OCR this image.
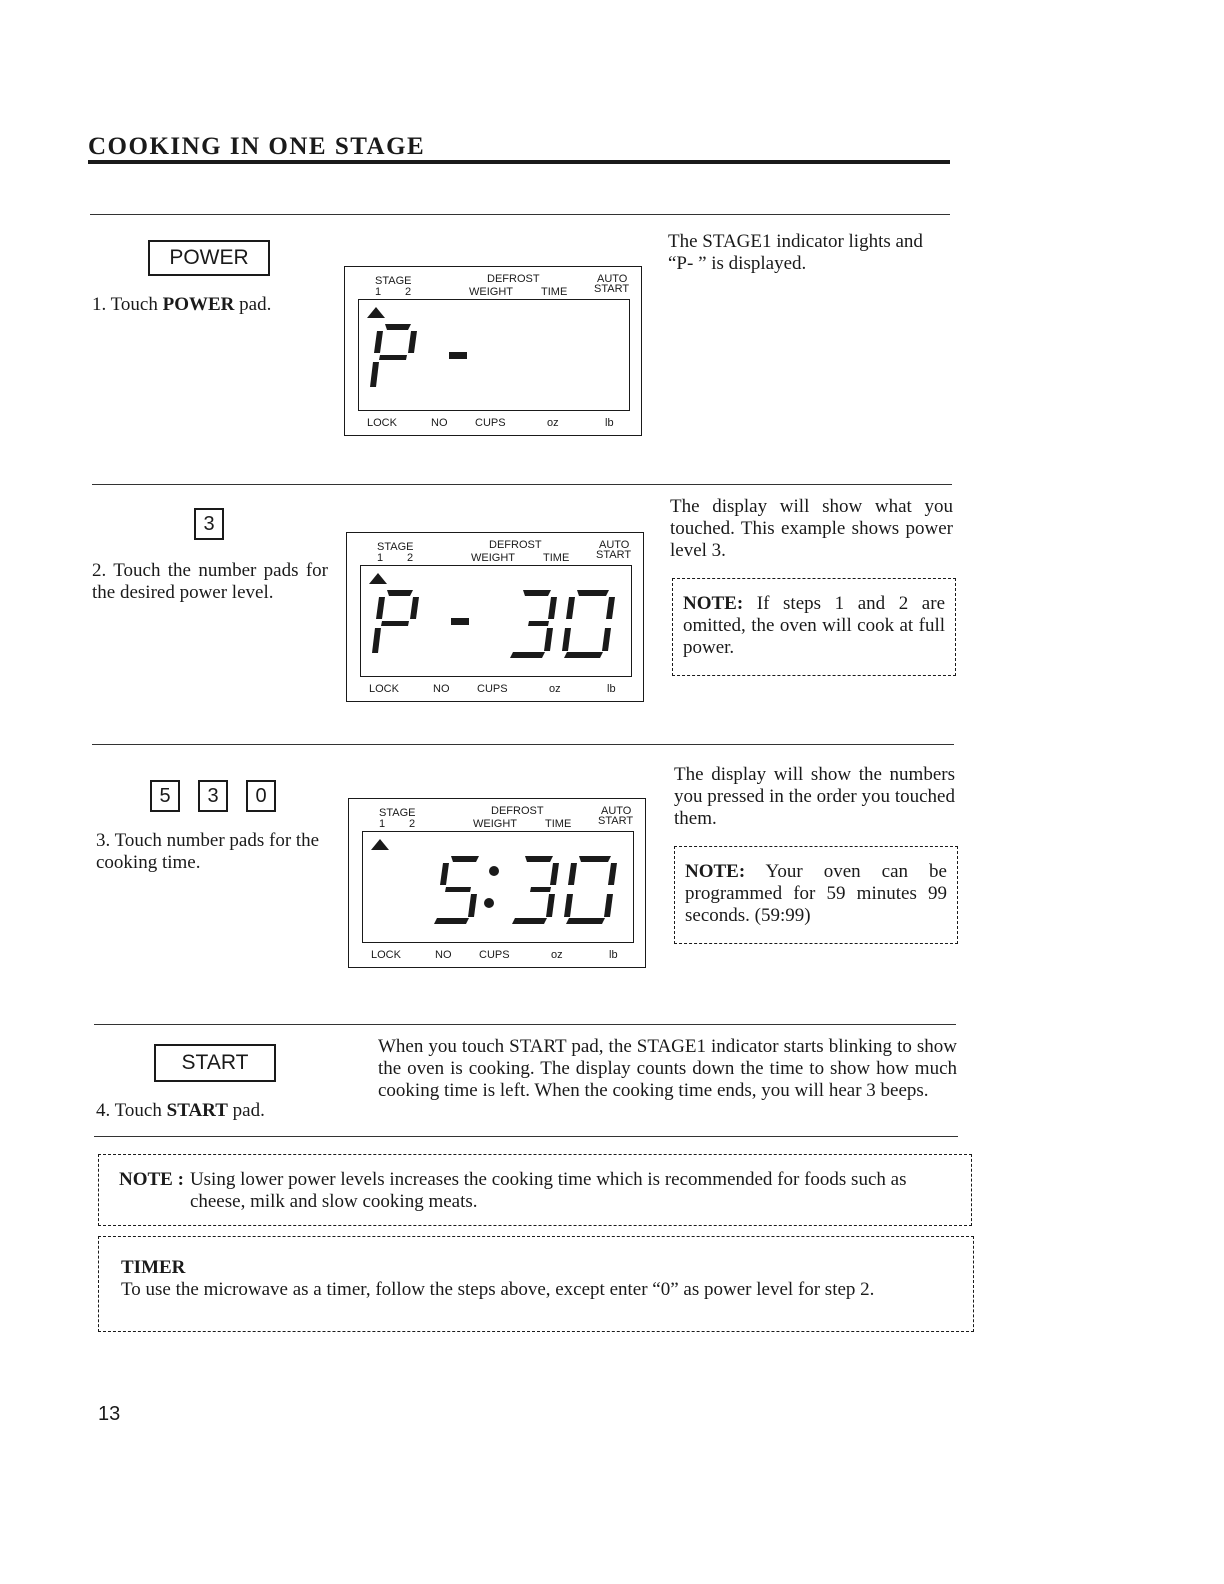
COOKING IN ONE STAGE
POWER
1. Touch POWER pad.
STAGE
1 2
DEFROST
WEIGHT	TIME
AUTO
START
LOCK	NO	CUPS	oz	lb
The STAGE1 indicator lights and “P- ” is displayed.
3
2. Touch the number pads for the desired power level.
STAGE
1 2
DEFROST
WEIGHT	TIME
AUTO
START
LOCK	NO	CUPS	oz	lb
The display will show what you touched. This example shows power level 3.
NOTE: If steps 1 and 2 are omitted, the oven will cook at full power.
5 3 0
3. Touch number pads for the cooking time.
STAGE
1 2
DEFROST
WEIGHT	TIME
AUTO
START
LOCK	NO	CUPS	oz	lb
The display will show the numbers you pressed in the order you touched them.
NOTE: Your oven can be programmed for 59 minutes 99 seconds. (59:99)
START
4. Touch START pad.
When you touch START pad, the STAGE1 indicator starts blinking to show the oven is cooking. The display counts down the time to show how much cooking time is left. When the cooking time ends, you will hear 3 beeps.
NOTE : Using lower power levels increases the cooking time which is recommended for foods such as cheese, milk and slow cooking meats.
TIMER
To use the microwave as a timer, follow the steps above, except enter “0” as power level for step 2.
13
